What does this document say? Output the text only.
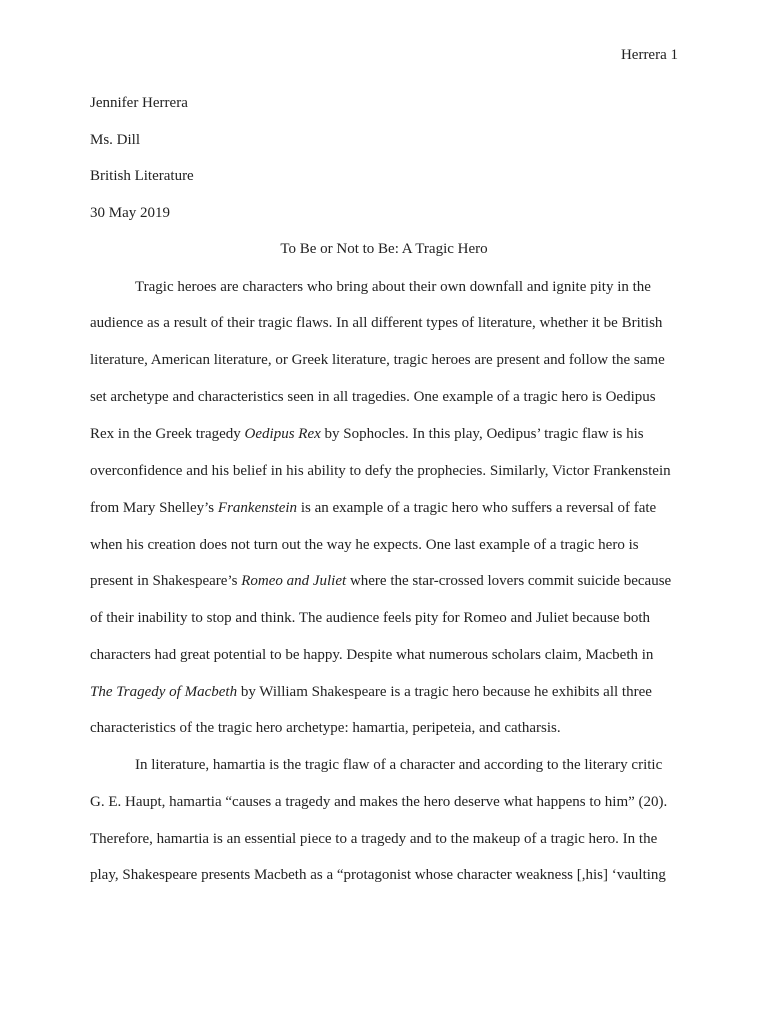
Herrera 1
Jennifer Herrera
Ms. Dill
British Literature
30 May 2019
To Be or Not to Be: A Tragic Hero
Tragic heroes are characters who bring about their own downfall and ignite pity in the
audience as a result of their tragic flaws. In all different types of literature, whether it be British
literature, American literature, or Greek literature, tragic heroes are present and follow the same
set archetype and characteristics seen in all tragedies. One example of a tragic hero is Oedipus
Rex in the Greek tragedy Oedipus Rex by Sophocles. In this play, Oedipus’ tragic flaw is his
overconfidence and his belief in his ability to defy the prophecies. Similarly, Victor Frankenstein
from Mary Shelley’s Frankenstein is an example of a tragic hero who suffers a reversal of fate
when his creation does not turn out the way he expects. One last example of a tragic hero is
present in Shakespeare’s Romeo and Juliet where the star-crossed lovers commit suicide because
of their inability to stop and think. The audience feels pity for Romeo and Juliet because both
characters had great potential to be happy. Despite what numerous scholars claim, Macbeth in
The Tragedy of Macbeth by William Shakespeare is a tragic hero because he exhibits all three
characteristics of the tragic hero archetype: hamartia, peripeteia, and catharsis.
In literature, hamartia is the tragic flaw of a character and according to the literary critic
G. E. Haupt, hamartia “causes a tragedy and makes the hero deserve what happens to him” (20).
Therefore, hamartia is an essential piece to a tragedy and to the makeup of a tragic hero. In the
play, Shakespeare presents Macbeth as a “protagonist whose character weakness [,his] ‘vaulting
